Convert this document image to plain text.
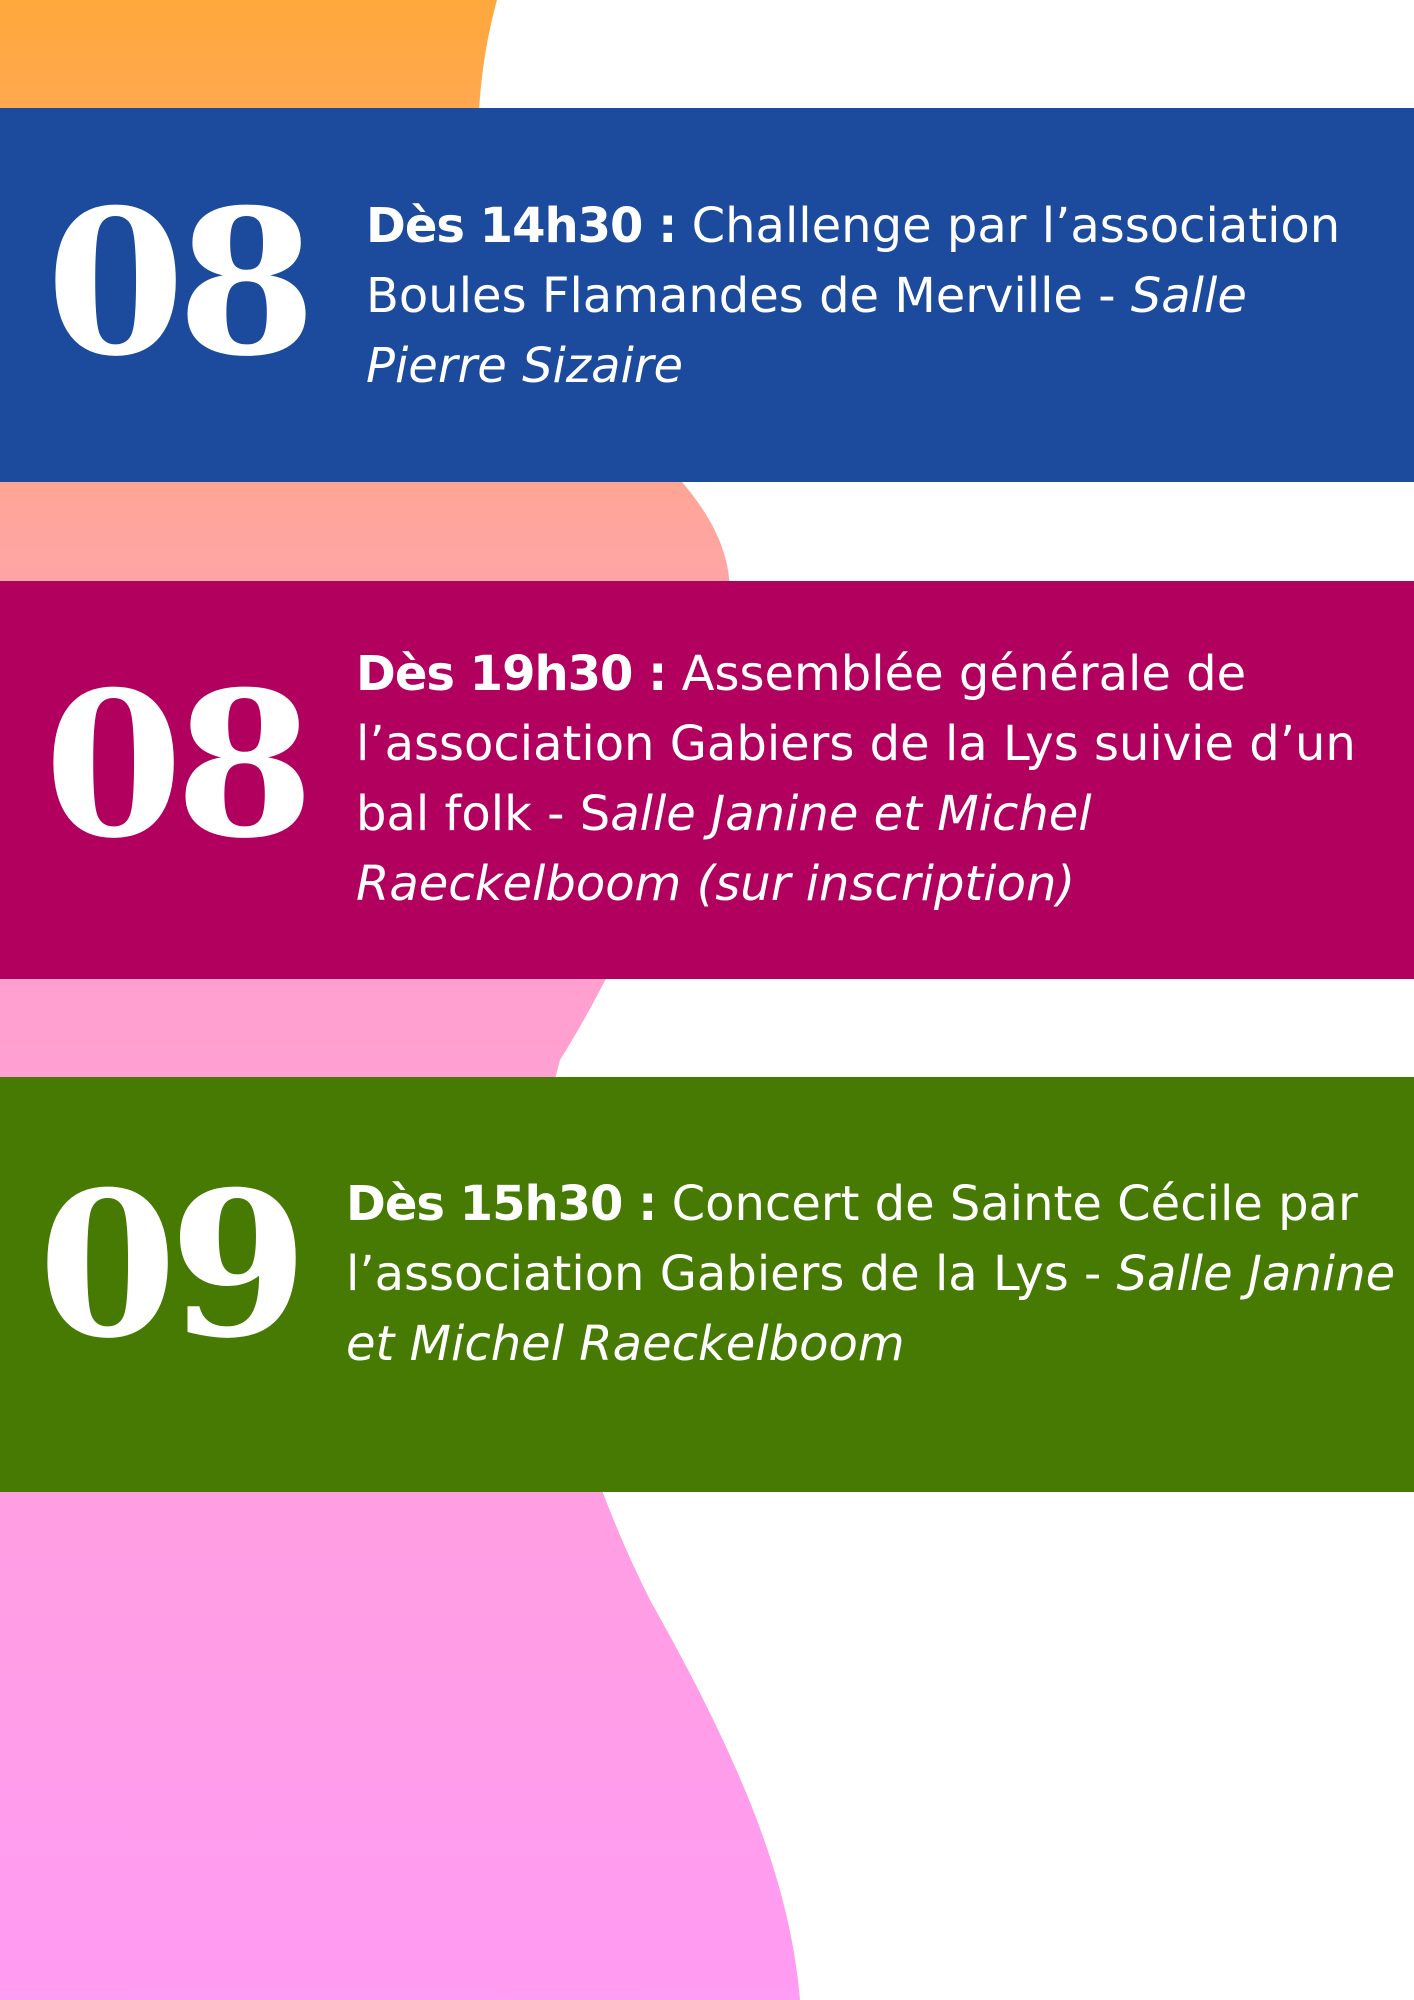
08 Dès 14h30 : Challenge par l’association Boules Flamandes de Merville - Salle Pierre Sizaire

08 Dès 19h30 : Assemblée générale de l’association Gabiers de la Lys suivie d’un bal folk - Salle Janine et Michel Raeckelboom (sur inscription)

09 Dès 15h30 : Concert de Sainte Cécile par l’association Gabiers de la Lys - Salle Janine et Michel Raeckelboom
